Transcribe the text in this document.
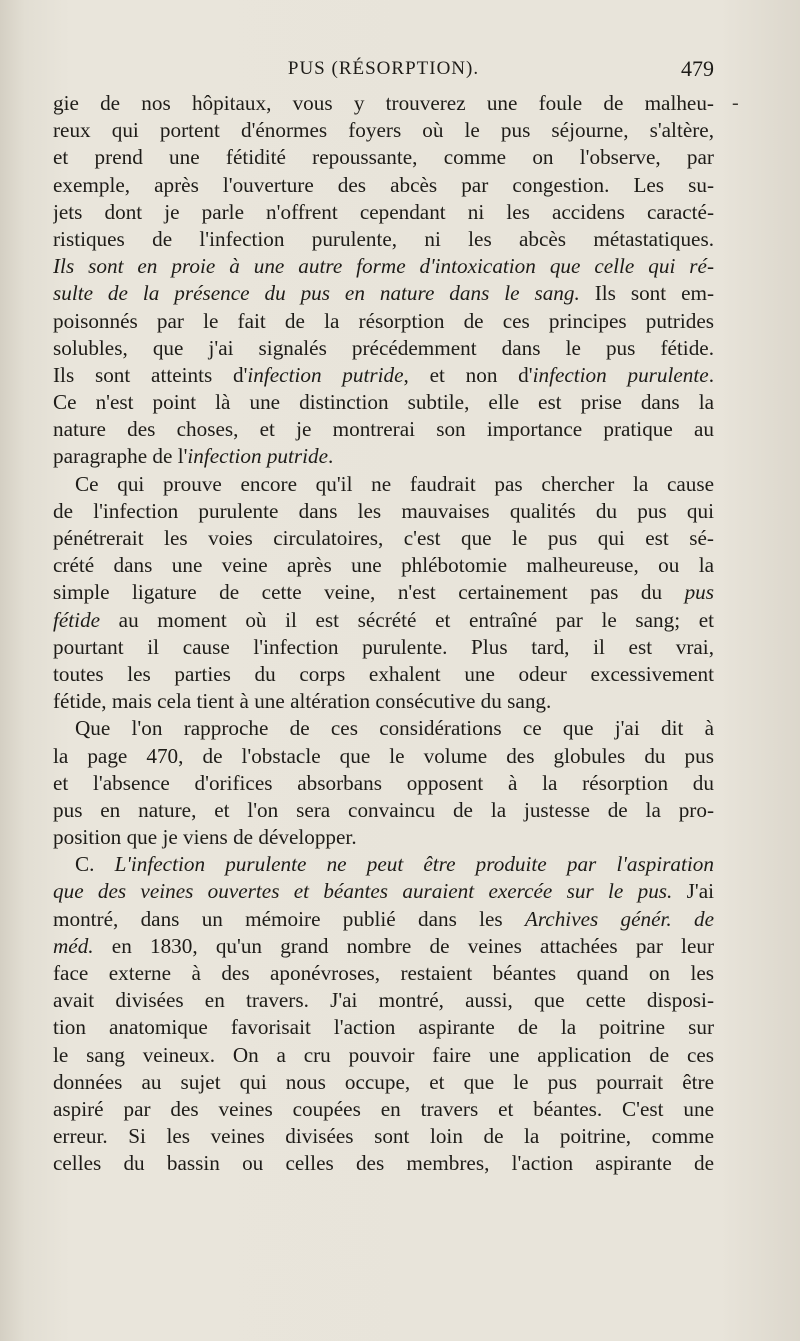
PUS (RÉSORPTION).	479
gie de nos hôpitaux, vous y trouverez une foule de malheu-
reux qui portent d'énormes foyers où le pus séjourne, s'altère,
et prend une fétidité repoussante, comme on l'observe, par
exemple, après l'ouverture des abcès par congestion. Les su-
jets dont je parle n'offrent cependant ni les accidens caracté-
ristiques de l'infection purulente, ni les abcès métastatiques.
Ils sont en proie à une autre forme d'intoxication que celle qui ré-
sulte de la présence du pus en nature dans le sang. Ils sont em-
poisonnés par le fait de la résorption de ces principes putrides
solubles, que j'ai signalés précédemment dans le pus fétide.
Ils sont atteints d'infection putride, et non d'infection purulente.
Ce n'est point là une distinction subtile, elle est prise dans la
nature des choses, et je montrerai son importance pratique au
paragraphe de l'infection putride.
Ce qui prouve encore qu'il ne faudrait pas chercher la cause
de l'infection purulente dans les mauvaises qualités du pus qui
pénétrerait les voies circulatoires, c'est que le pus qui est sé-
crété dans une veine après une phlébotomie malheureuse, ou la
simple ligature de cette veine, n'est certainement pas du pus
fétide au moment où il est sécrété et entraîné par le sang; et
pourtant il cause l'infection purulente. Plus tard, il est vrai,
toutes les parties du corps exhalent une odeur excessivement
fétide, mais cela tient à une altération consécutive du sang.
Que l'on rapproche de ces considérations ce que j'ai dit à
la page 470, de l'obstacle que le volume des globules du pus
et l'absence d'orifices absorbans opposent à la résorption du
pus en nature, et l'on sera convaincu de la justesse de la pro-
position que je viens de développer.
C. L'infection purulente ne peut être produite par l'aspiration
que des veines ouvertes et béantes auraient exercée sur le pus. J'ai
montré, dans un mémoire publié dans les Archives génér. de
méd. en 1830, qu'un grand nombre de veines attachées par leur
face externe à des aponévroses, restaient béantes quand on les
avait divisées en travers. J'ai montré, aussi, que cette disposi-
tion anatomique favorisait l'action aspirante de la poitrine sur
le sang veineux. On a cru pouvoir faire une application de ces
données au sujet qui nous occupe, et que le pus pourrait être
aspiré par des veines coupées en travers et béantes. C'est une
erreur. Si les veines divisées sont loin de la poitrine, comme
celles du bassin ou celles des membres, l'action aspirante de
-
